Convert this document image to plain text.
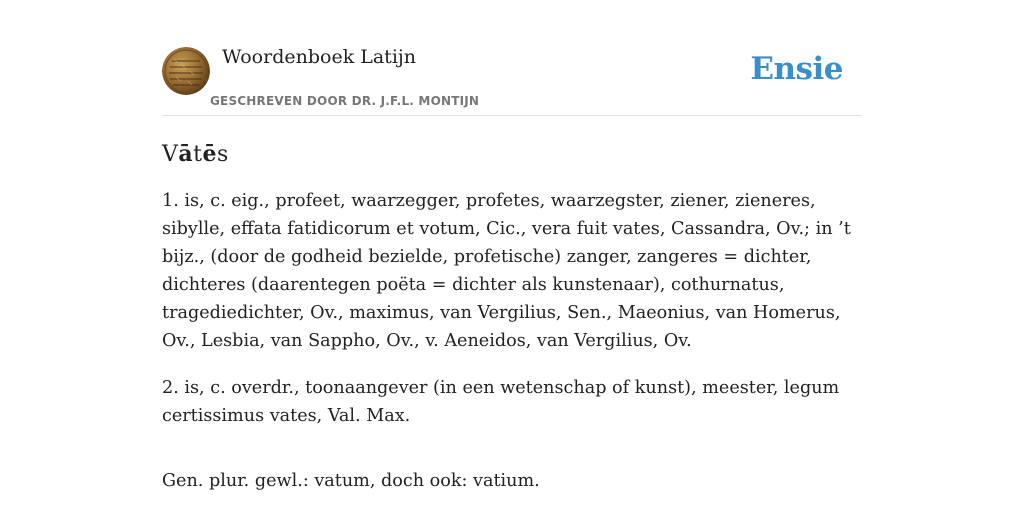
Woordenboek Latijn
GESCHREVEN DOOR DR. J.F.L. MONTIJN
Ensie
Vātēs

1. is, c. eig., profeet, waarzegger, profetes, waarzegster, ziener, zieneres, sibylle, effata fatidicorum et votum, Cic., vera fuit vates, Cassandra, Ov.; in ’t bijz., (door de godheid bezielde, profetische) zanger, zangeres = dichter, dichteres (daarentegen poëta = dichter als kunstenaar), cothurnatus, tragediedichter, Ov., maximus, van Vergilius, Sen., Maeonius, van Homerus, Ov., Lesbia, van Sappho, Ov., v. Aeneidos, van Vergilius, Ov.

2. is, c. overdr., toonaangever (in een wetenschap of kunst), meester, legum certissimus vates, Val. Max.

Gen. plur. gewl.: vatum, doch ook: vatium.
